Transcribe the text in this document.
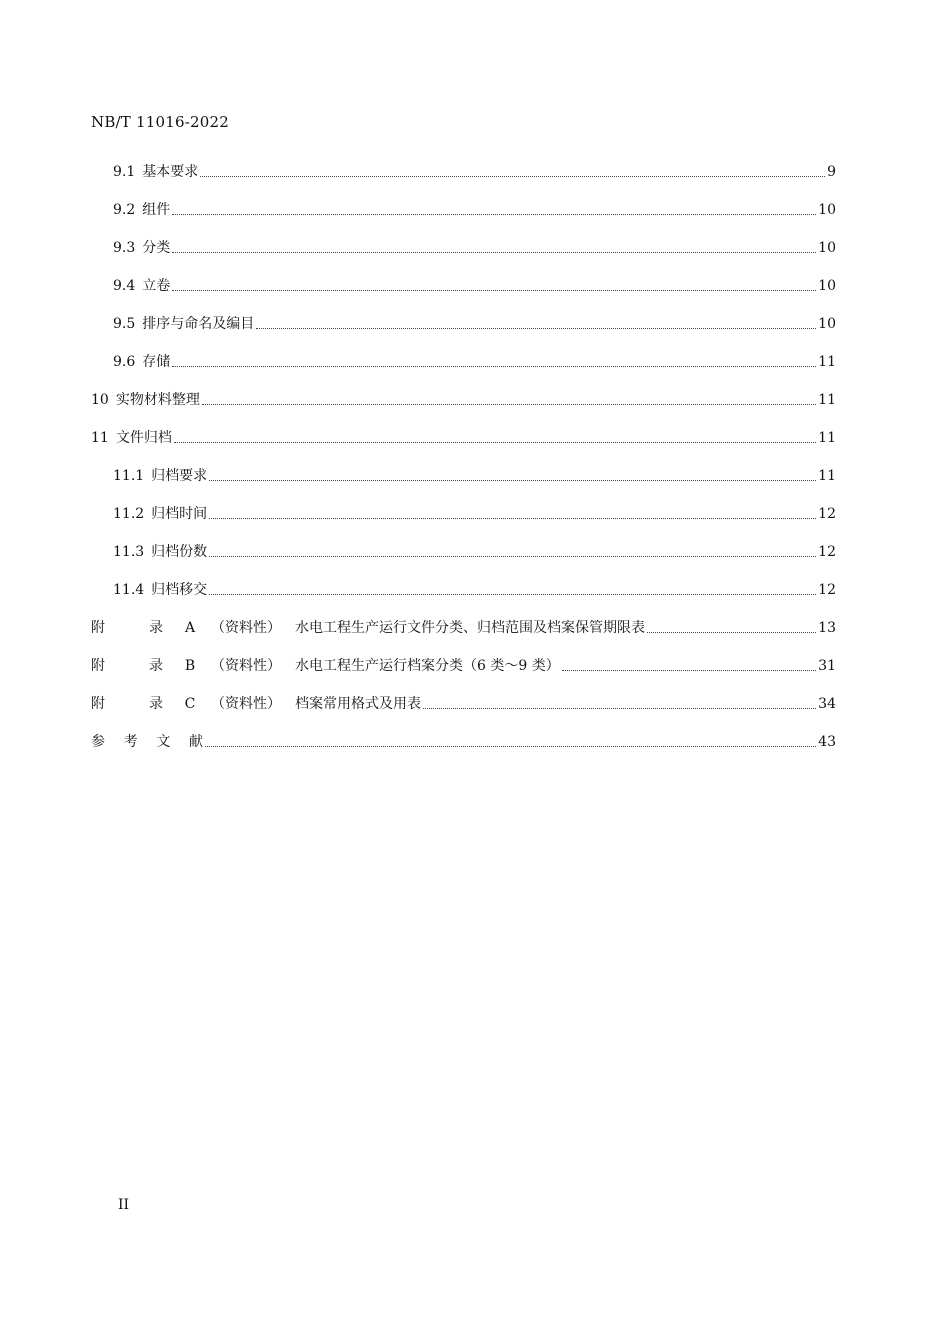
NB/T 11016-2022
9.1 基本要求	9
9.2 组件	10
9.3 分类	10
9.4 立卷	10
9.5 排序与命名及编目	10
9.6 存储	11
10 实物材料整理	11
11 文件归档	11
11.1 归档要求	11
11.2 归档时间	12
11.3 归档份数	12
11.4 归档移交	12
附	录	A	（资料性） 水电工程生产运行文件分类、归档范围及档案保管期限表	13
附	录	B	（资料性） 水电工程生产运行档案分类（6 类～9 类）	31
附	录	C	（资料性） 档案常用格式及用表	34
参 考 文 献	43
II
